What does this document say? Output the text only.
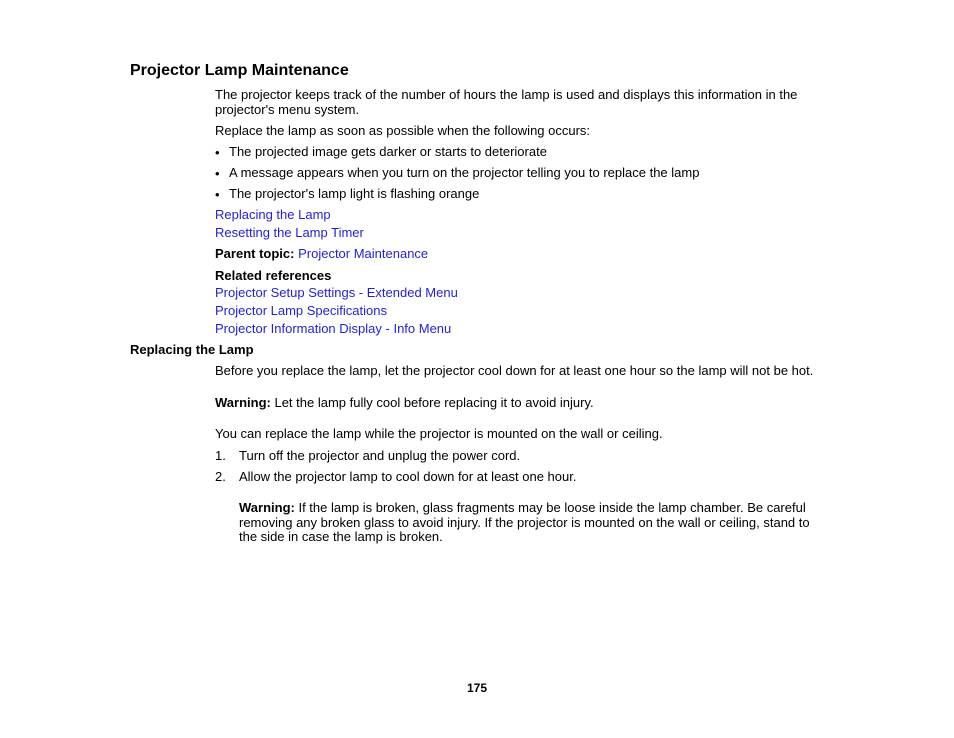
Projector Lamp Maintenance
The projector keeps track of the number of hours the lamp is used and displays this information in the projector's menu system.
Replace the lamp as soon as possible when the following occurs:
• The projected image gets darker or starts to deteriorate
• A message appears when you turn on the projector telling you to replace the lamp
• The projector's lamp light is flashing orange
Replacing the Lamp
Resetting the Lamp Timer
Parent topic: Projector Maintenance
Related references
Projector Setup Settings - Extended Menu
Projector Lamp Specifications
Projector Information Display - Info Menu
Replacing the Lamp
Before you replace the lamp, let the projector cool down for at least one hour so the lamp will not be hot.
Warning: Let the lamp fully cool before replacing it to avoid injury.
You can replace the lamp while the projector is mounted on the wall or ceiling.
1. Turn off the projector and unplug the power cord.
2. Allow the projector lamp to cool down for at least one hour.
Warning: If the lamp is broken, glass fragments may be loose inside the lamp chamber. Be careful removing any broken glass to avoid injury. If the projector is mounted on the wall or ceiling, stand to the side in case the lamp is broken.
175
